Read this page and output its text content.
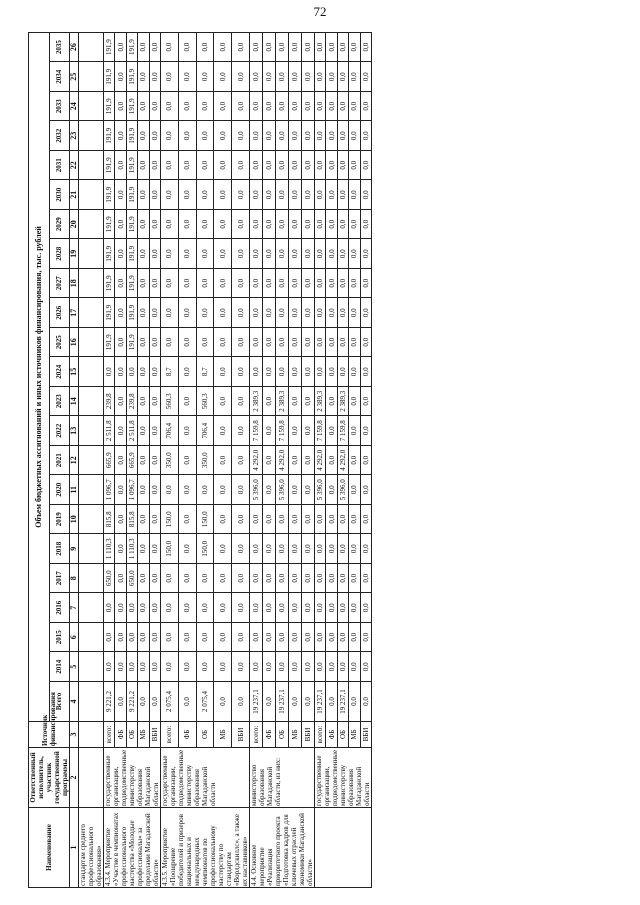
72
Наименование	Ответственный исполнитель, участник государственной программы	Источник финансирования	Объем бюджетных ассигнований и иных источников финансирования, тыс. рублей																						
			Всего	2014	2015	2016	2017	2018	2019	2020	2021	2022	2023	2024	2025	2026	2027	2028	2029	2030	2031	2032	2033	2034	2035
1	2	3	4	5	6	7	8	9	10	11	12	13	14	15	16	17	18	19	20	21	22	23	24	25	26
стандартам среднего профессионального образования»																									
4.3.4. Мероприятие «Участие в чемпионатах профессионального мастерства «Молодые профессионалы» за пределами Магаданской области»	государственные организации, подведомственные министерству образования Магаданской области	всего:	9 221,2	0,0	0,0	0,0	650,0	1 110,3	815,8	1 096,7	665,9	2 511,8	239,8	0,0	191,9	191,9	191,9	191,9	191,9	191,9	191,9	191,9	191,9	191,9	191,9
		ФБ	0,0	0,0	0,0	0,0	0,0	0,0	0,0	0,0	0,0	0,0	0,0	0,0	0,0	0,0	0,0	0,0	0,0	0,0	0,0	0,0	0,0	0,0	0,0
		ОБ	9 221,2	0,0	0,0	0,0	650,0	1 110,3	815,8	1 096,7	665,9	2 511,8	239,8	0,0	191,9	191,9	191,9	191,9	191,9	191,9	191,9	191,9	191,9	191,9	191,9
		МБ	0,0	0,0	0,0	0,0	0,0	0,0	0,0	0,0	0,0	0,0	0,0	0,0	0,0	0,0	0,0	0,0	0,0	0,0	0,0	0,0	0,0	0,0	0,0
		ВБИ	0,0	0,0	0,0	0,0	0,0	0,0	0,0	0,0	0,0	0,0	0,0	0,0	0,0	0,0	0,0	0,0	0,0	0,0	0,0	0,0	0,0	0,0	0,0
4.3.5. Мероприятие «Поощрение победителей и призеров национальных и международных чемпионатов по профессиональному мастерству по стандартам «Ворлдскиллс», а также их наставников»	государственные организации, подведомственные министерству образования Магаданской области	всего:	2 075,4	0,0	0,0	0,0	0,0	150,0	150,0	0,0	350,0	706,4	560,3	8,7	0,0	0,0	0,0	0,0	0,0	0,0	0,0	0,0	0,0	0,0	0,0
		ФБ	0,0	0,0	0,0	0,0	0,0	0,0	0,0	0,0	0,0	0,0	0,0	0,0	0,0	0,0	0,0	0,0	0,0	0,0	0,0	0,0	0,0	0,0	0,0
		ОБ	2 075,4	0,0	0,0	0,0	0,0	150,0	150,0	0,0	350,0	706,4	560,3	8,7	0,0	0,0	0,0	0,0	0,0	0,0	0,0	0,0	0,0	0,0	0,0
		МБ	0,0	0,0	0,0	0,0	0,0	0,0	0,0	0,0	0,0	0,0	0,0	0,0	0,0	0,0	0,0	0,0	0,0	0,0	0,0	0,0	0,0	0,0	0,0
		ВБИ	0,0	0,0	0,0	0,0	0,0	0,0	0,0	0,0	0,0	0,0	0,0	0,0	0,0	0,0	0,0	0,0	0,0	0,0	0,0	0,0	0,0	0,0	0,0
4.4. Основное мероприятие «Реализация приоритетного проекта «Подготовка кадров для ключевых отраслей экономики Магаданской области»	министерство образования Магаданской области, из них:	всего:	19 237,1	0,0	0,0	0,0	0,0	0,0	0,0	5 396,0	4 292,0	7 159,8	2 389,3	0,0	0,0	0,0	0,0	0,0	0,0	0,0	0,0	0,0	0,0	0,0	0,0
		ФБ	0,0	0,0	0,0	0,0	0,0	0,0	0,0	0,0	0,0	0,0	0,0	0,0	0,0	0,0	0,0	0,0	0,0	0,0	0,0	0,0	0,0	0,0	0,0
		ОБ	19 237,1	0,0	0,0	0,0	0,0	0,0	0,0	5 396,0	4 292,0	7 159,8	2 389,3	0,0	0,0	0,0	0,0	0,0	0,0	0,0	0,0	0,0	0,0	0,0	0,0
		МБ	0,0	0,0	0,0	0,0	0,0	0,0	0,0	0,0	0,0	0,0	0,0	0,0	0,0	0,0	0,0	0,0	0,0	0,0	0,0	0,0	0,0	0,0	0,0
		ВБИ	0,0	0,0	0,0	0,0	0,0	0,0	0,0	0,0	0,0	0,0	0,0	0,0	0,0	0,0	0,0	0,0	0,0	0,0	0,0	0,0	0,0	0,0	0,0
	государственные организации, подведомственные министерству образования Магаданской области	всего:	19 237,1	0,0	0,0	0,0	0,0	0,0	0,0	5 396,0	4 292,0	7 159,8	2 389,3	0,0	0,0	0,0	0,0	0,0	0,0	0,0	0,0	0,0	0,0	0,0	0,0
		ФБ	0,0	0,0	0,0	0,0	0,0	0,0	0,0	0,0	0,0	0,0	0,0	0,0	0,0	0,0	0,0	0,0	0,0	0,0	0,0	0,0	0,0	0,0	0,0
		ОБ	19 237,1	0,0	0,0	0,0	0,0	0,0	0,0	5 396,0	4 292,0	7 159,8	2 389,3	0,0	0,0	0,0	0,0	0,0	0,0	0,0	0,0	0,0	0,0	0,0	0,0
		МБ	0,0	0,0	0,0	0,0	0,0	0,0	0,0	0,0	0,0	0,0	0,0	0,0	0,0	0,0	0,0	0,0	0,0	0,0	0,0	0,0	0,0	0,0	0,0
		ВБИ	0,0	0,0	0,0	0,0	0,0	0,0	0,0	0,0	0,0	0,0	0,0	0,0	0,0	0,0	0,0	0,0	0,0	0,0	0,0	0,0	0,0	0,0	0,0
